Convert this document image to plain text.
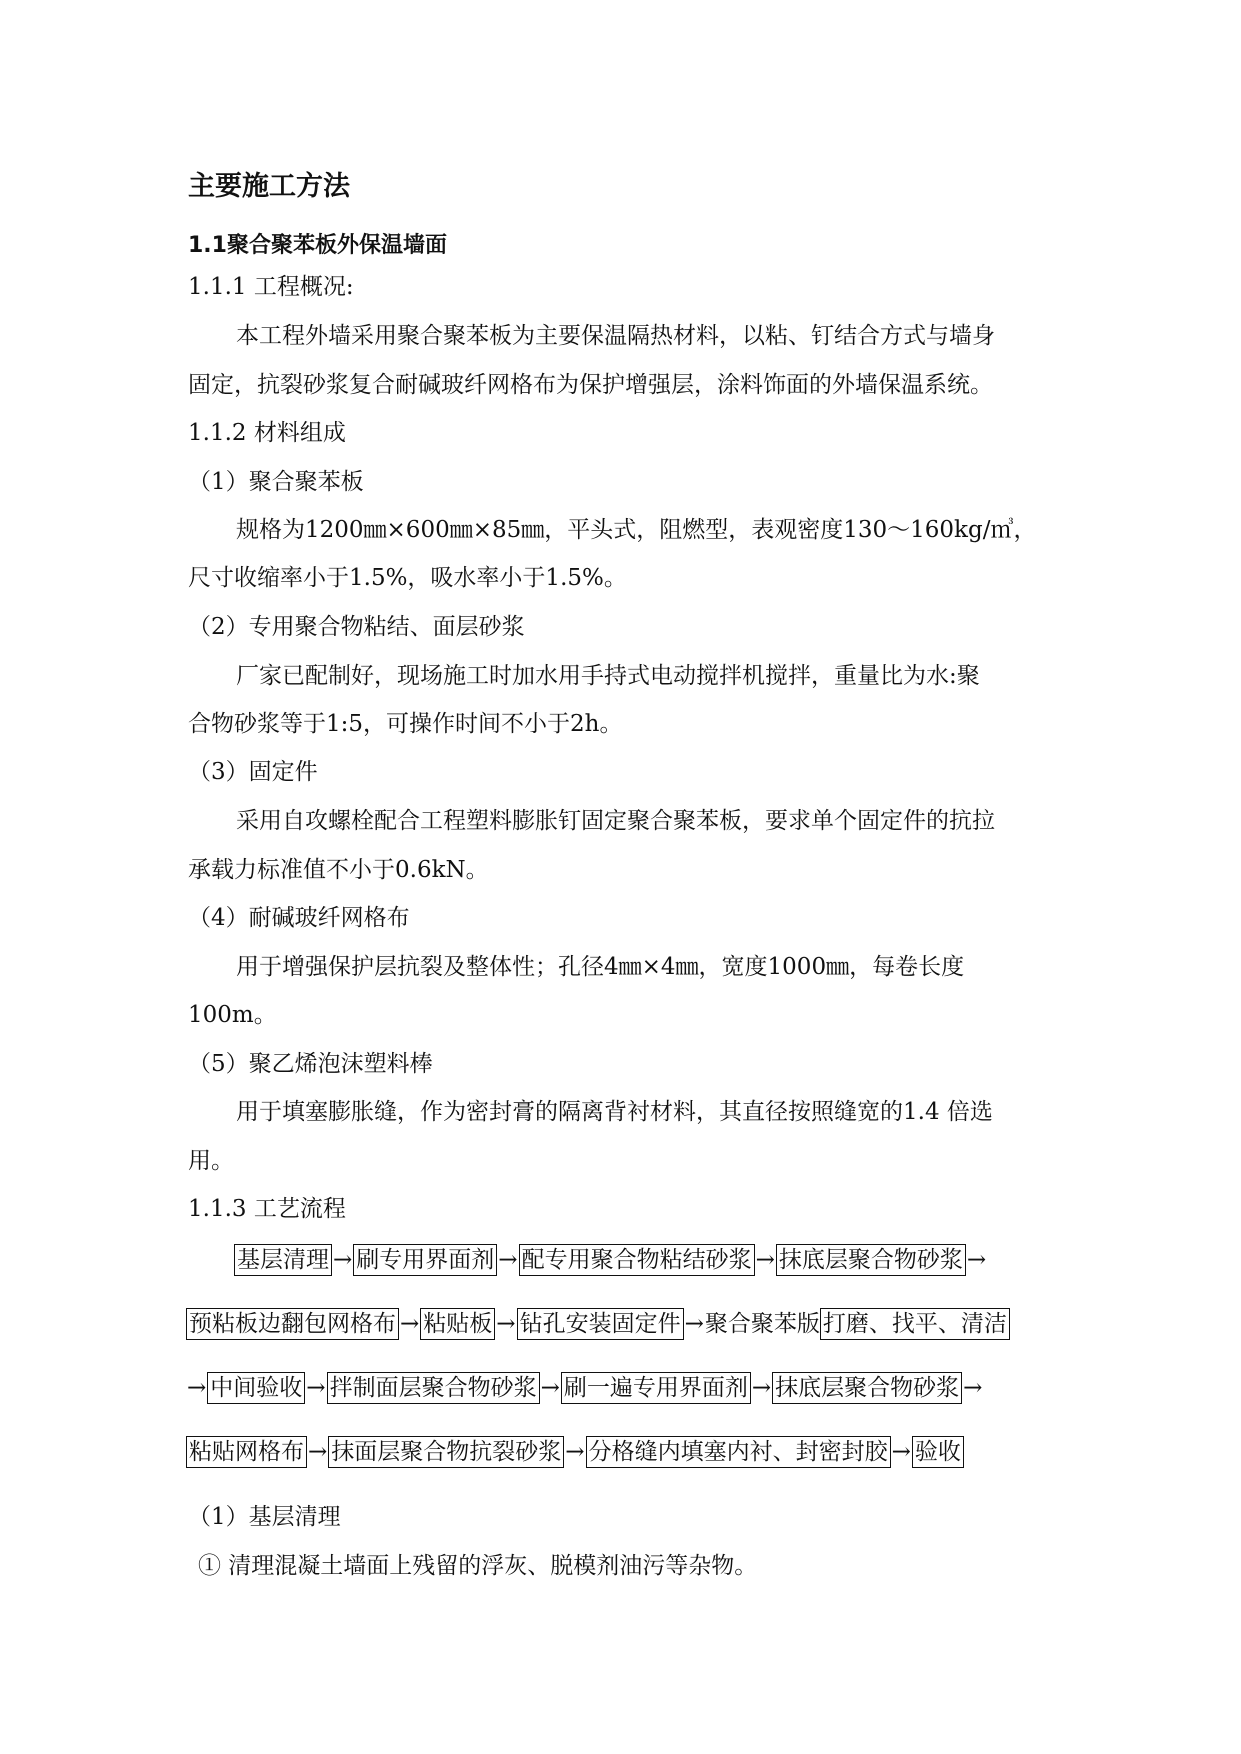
主要施工方法
1.1聚合聚苯板外保温墙面
1.1.1 工程概况:
本工程外墙采用聚合聚苯板为主要保温隔热材料，以粘、钉结合方式与墙身
固定，抗裂砂浆复合耐碱玻纤网格布为保护增强层，涂料饰面的外墙保温系统。
1.1.2 材料组成
（1）聚合聚苯板
规格为1200㎜×600㎜×85㎜，平头式，阻燃型，表观密度130～160kg/㎥，
尺寸收缩率小于1.5%，吸水率小于1.5%。
（2）专用聚合物粘结、面层砂浆
厂家已配制好，现场施工时加水用手持式电动搅拌机搅拌，重量比为水:聚
合物砂浆等于1:5，可操作时间不小于2h。
（3）固定件
采用自攻螺栓配合工程塑料膨胀钉固定聚合聚苯板，要求单个固定件的抗拉
承载力标准值不小于0.6kN。
（4）耐碱玻纤网格布
用于增强保护层抗裂及整体性；孔径4㎜×4㎜，宽度1000㎜，每卷长度
100m。
（5）聚乙烯泡沫塑料棒
用于填塞膨胀缝，作为密封膏的隔离背衬材料，其直径按照缝宽的1.4 倍选
用。
1.1.3 工艺流程
基层清理 → 刷专用界面剂 → 配专用聚合物粘结砂浆 → 抹底层聚合物砂浆 →
预粘板边翻包网格布 → 粘贴板 → 钻孔安装固定件 →聚合聚苯版 打磨、找平、清洁
→ 中间验收 → 拌制面层聚合物砂浆 → 刷一遍专用界面剂 → 抹底层聚合物砂浆 →
粘贴网格布 → 抹面层聚合物抗裂砂浆 → 分格缝内填塞内衬、封密封胶 → 验收
（1）基层清理
① 清理混凝土墙面上残留的浮灰、脱模剂油污等杂物。
